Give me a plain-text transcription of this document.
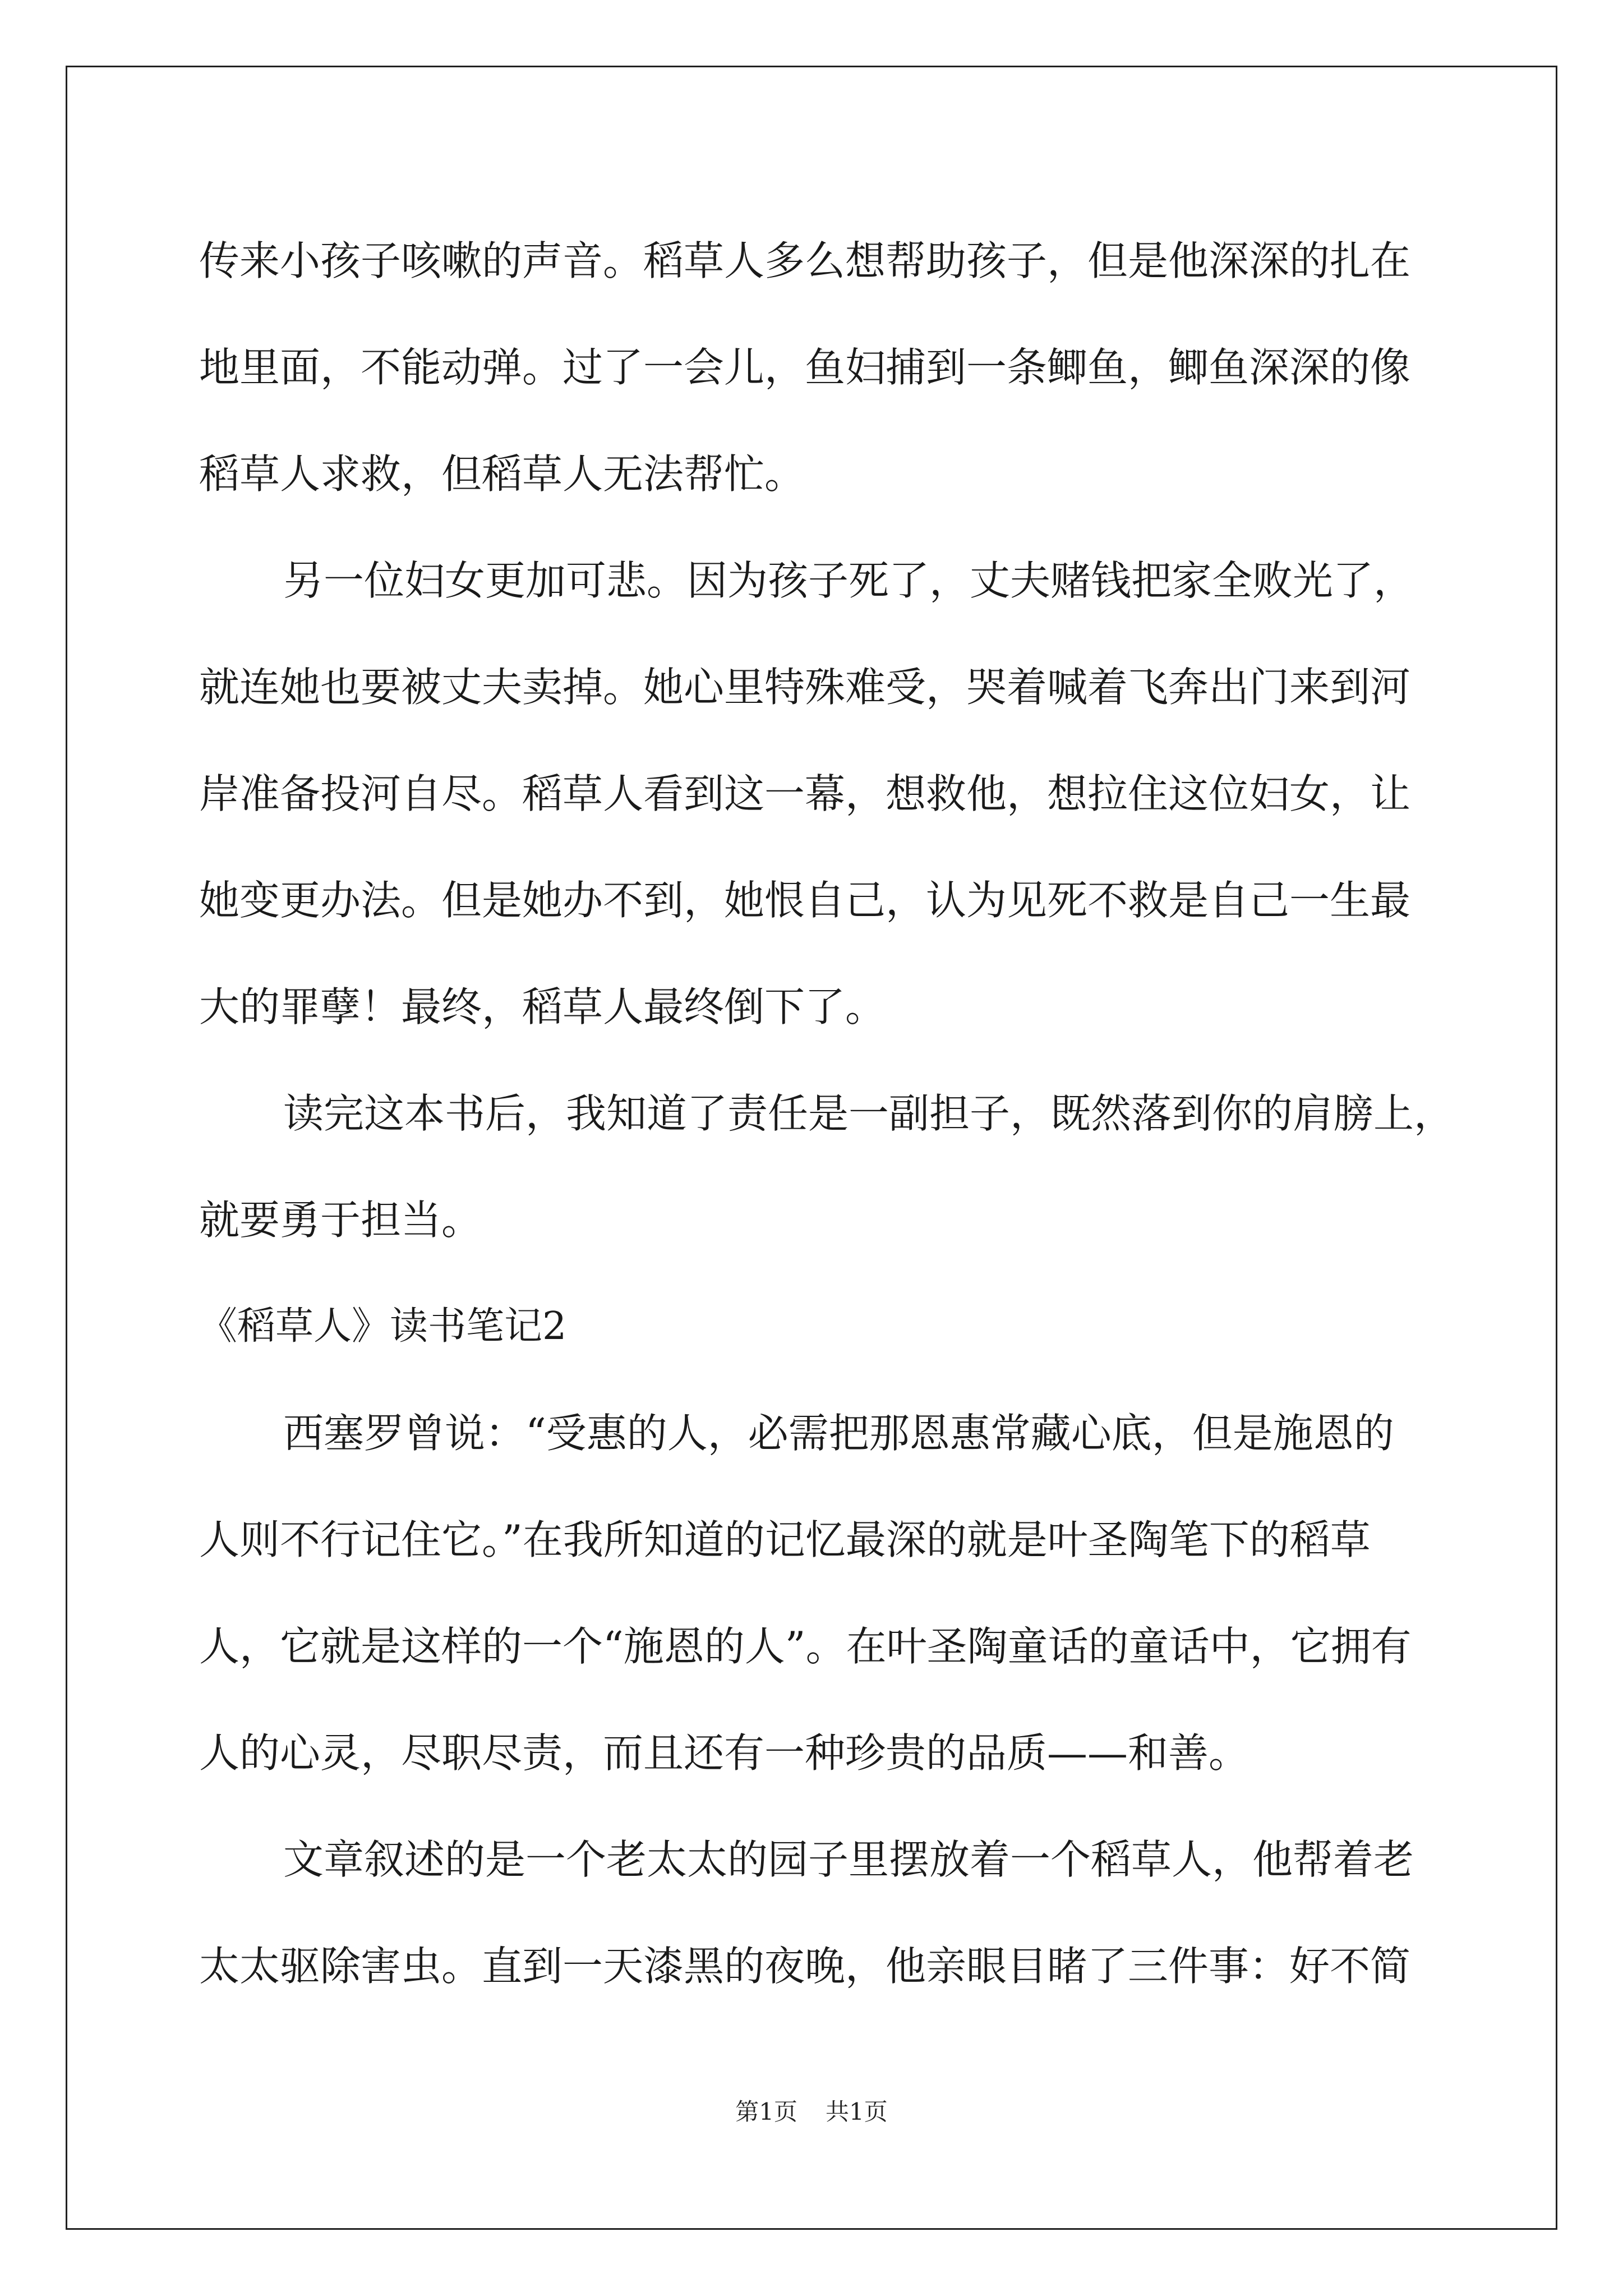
传来小孩子咳嗽的声音。稻草人多么想帮助孩子，但是他深深的扎在
地里面，不能动弹。过了一会儿，鱼妇捕到一条鲫鱼，鲫鱼深深的像
稻草人求救，但稻草人无法帮忙。
另一位妇女更加可悲。因为孩子死了，丈夫赌钱把家全败光了，
就连她也要被丈夫卖掉。她心里特殊难受，哭着喊着飞奔出门来到河
岸准备投河自尽。稻草人看到这一幕，想救他，想拉住这位妇女，让
她变更办法。但是她办不到，她恨自己，认为见死不救是自己一生最
大的罪孽！最终，稻草人最终倒下了。
读完这本书后，我知道了责任是一副担子，既然落到你的肩膀上，
就要勇于担当。
《稻草人》读书笔记2
西塞罗曾说：“受惠的人，必需把那恩惠常藏心底，但是施恩的
人则不行记住它。”在我所知道的记忆最深的就是叶圣陶笔下的稻草
人，它就是这样的一个“施恩的人”。在叶圣陶童话的童话中，它拥有
人的心灵，尽职尽责，而且还有一种珍贵的品质——和善。
文章叙述的是一个老太太的园子里摆放着一个稻草人，他帮着老
太太驱除害虫。直到一天漆黑的夜晚，他亲眼目睹了三件事：好不简
第1页 共1页
